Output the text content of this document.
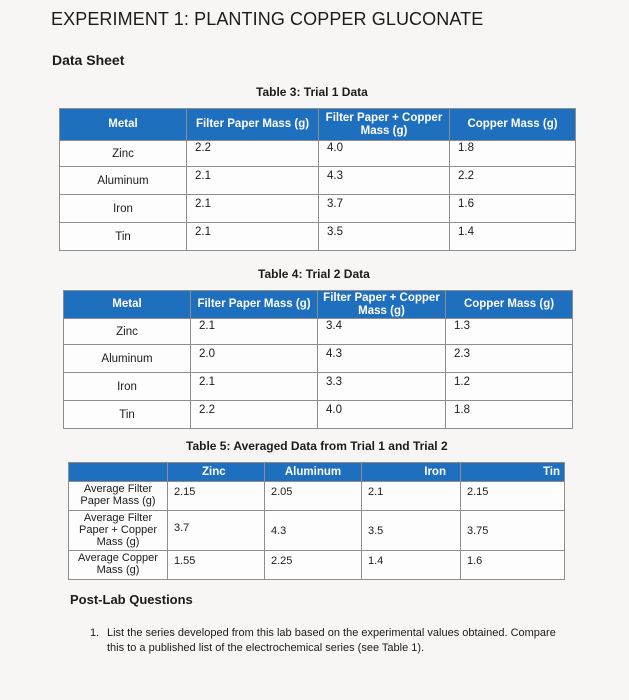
EXPERIMENT 1: PLANTING COPPER GLUCONATE
Data Sheet
Table 3: Trial 1 Data
Metal	Filter Paper Mass (g)	Filter Paper + Copper Mass (g)	Copper Mass (g)
Zinc	2.2	4.0	1.8
Aluminum	2.1	4.3	2.2
Iron	2.1	3.7	1.6
Tin	2.1	3.5	1.4
Table 4: Trial 2 Data
Metal	Filter Paper Mass (g)	Filter Paper + Copper Mass (g)	Copper Mass (g)
Zinc	2.1	3.4	1.3
Aluminum	2.0	4.3	2.3
Iron	2.1	3.3	1.2
Tin	2.2	4.0	1.8
Table 5: Averaged Data from Trial 1 and Trial 2
	Zinc	Aluminum	Iron	Tin
Average Filter Paper Mass (g)	2.15	2.05	2.1	2.15
Average Filter Paper + Copper Mass (g)	3.7	4.3	3.5	3.75
Average Copper Mass (g)	1.55	2.25	1.4	1.6
Post-Lab Questions
1. List the series developed from this lab based on the experimental values obtained. Compare this to a published list of the electrochemical series (see Table 1).
